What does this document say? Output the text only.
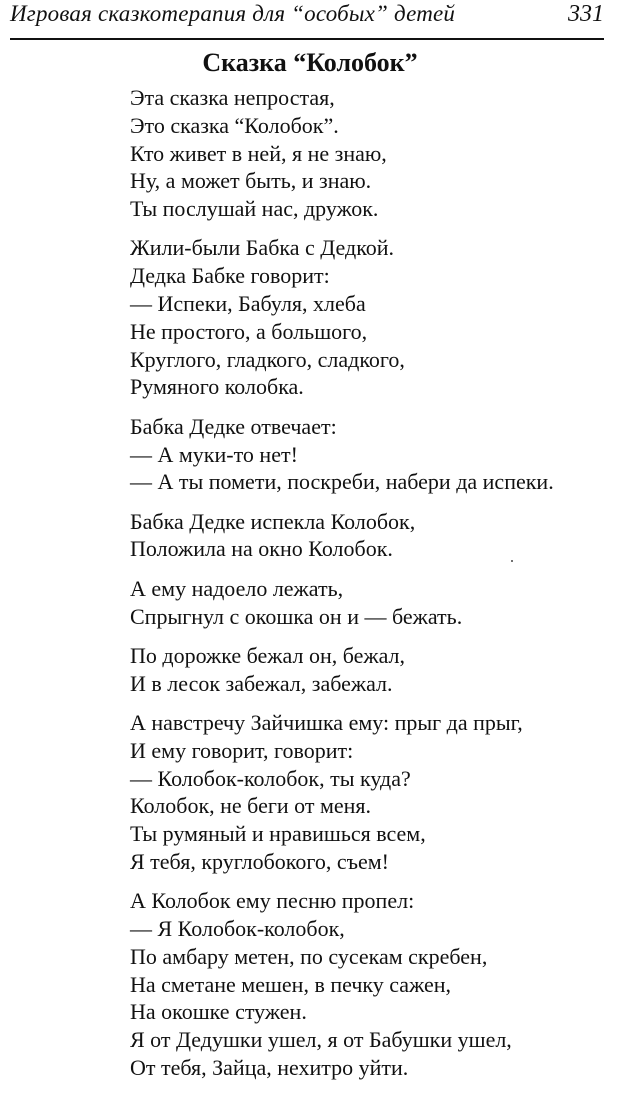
Игровая сказкотерапия для “особых” детей	331
Сказка “Колобок”
Эта сказка непростая,
Это сказка “Колобок”.
Кто живет в ней, я не знаю,
Ну, а может быть, и знаю.
Ты послушай нас, дружок.
Жили-были Бабка с Дедкой.
Дедка Бабке говорит:
— Испеки, Бабуля, хлеба
Не простого, а большого,
Круглого, гладкого, сладкого,
Румяного колобка.
Бабка Дедке отвечает:
— А муки-то нет!
— А ты помети, поскреби, набери да испеки.
Бабка Дедке испекла Колобок,
Положила на окно Колобок.
А ему надоело лежать,
Спрыгнул с окошка он и — бежать.
По дорожке бежал он, бежал,
И в лесок забежал, забежал.
А навстречу Зайчишка ему: прыг да прыг,
И ему говорит, говорит:
— Колобок-колобок, ты куда?
Колобок, не беги от меня.
Ты румяный и нравишься всем,
Я тебя, круглобокого, съем!
А Колобок ему песню пропел:
— Я Колобок-колобок,
По амбару метен, по сусекам скребен,
На сметане мешен, в печку сажен,
На окошке стужен.
Я от Дедушки ушел, я от Бабушки ушел,
От тебя, Зайца, нехитро уйти.
